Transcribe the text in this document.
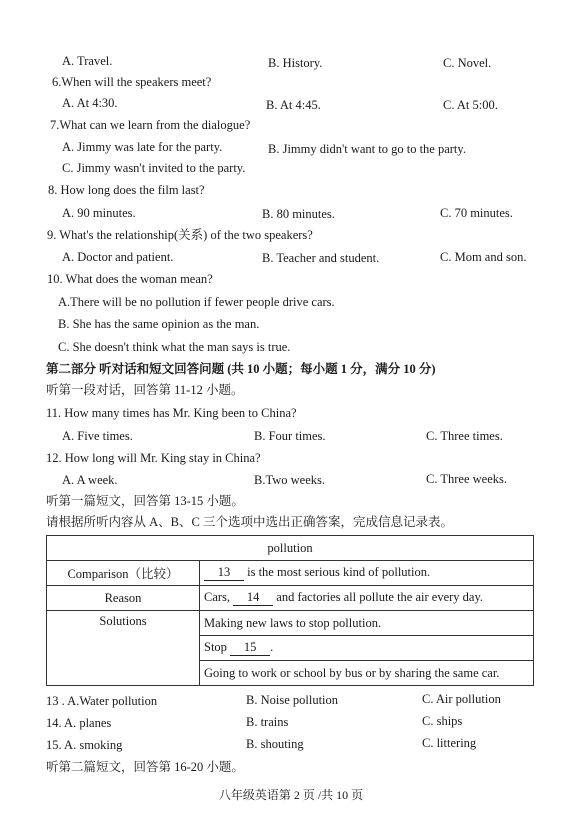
A. Travel.	B. History.	C. Novel.
6.When will the speakers meet?
A. At 4:30.	B. At 4:45.	C. At 5:00.
7.What can we learn from the dialogue?
A. Jimmy was late for the party.	B. Jimmy didn't want to go to the party.
C. Jimmy wasn't invited to the party.
8. How long does the film last?
A. 90 minutes.	B. 80 minutes.	C. 70 minutes.
9. What's the relationship(关系) of the two speakers?
A. Doctor and patient.	B. Teacher and student.	C. Mom and son.
10. What does the woman mean?
A.There will be no pollution if fewer people drive cars.
B. She has the same opinion as the man.
C. She doesn't think what the man says is true.
第二部分 听对话和短文回答问题 (共 10 小题；每小题 1 分，满分 10 分)
听第一段对话，回答第 11-12 小题。
11. How many times has Mr. King been to China?
A. Five times.	B. Four times.	C. Three times.
12. How long will Mr. King stay in China?
A. A week.	B.Two weeks.	C. Three weeks.
听第一篇短文，回答第 13-15 小题。
请根据所听内容从 A、B、C 三个选项中选出正确答案，完成信息记录表。
pollution	
Comparison（比较）	13 is the most serious kind of pollution.
Reason	Cars, 14 and factories all pollute the air every day.
Solutions	Making new laws to stop pollution.
	Stop 15 .
	Going to work or school by bus or by sharing the same car.
13 . A.Water pollution	B. Noise pollution	C. Air pollution
14. A. planes	B. trains	C. ships
15. A. smoking	B. shouting	C. littering
听第二篇短文，回答第 16-20 小题。
八年级英语第 2 页 /共 10 页
